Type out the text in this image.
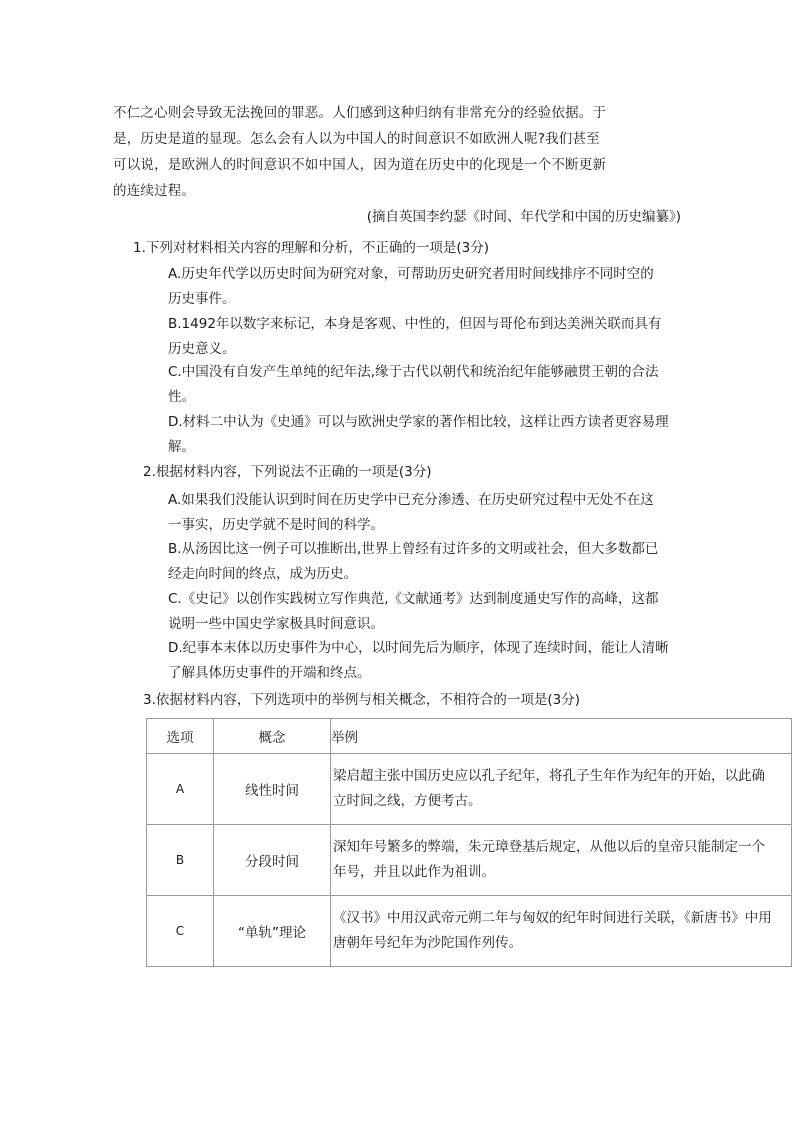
不仁之心则会导致无法挽回的罪恶。人们感到这种归纳有非常充分的经验依据。于
是，历史是道的显现。怎么会有人以为中国人的时间意识不如欧洲人呢?我们甚至
可以说，是欧洲人的时间意识不如中国人，因为道在历史中的化现是一个不断更新
的连续过程。
(摘自英国李约瑟《时间、年代学和中国的历史编纂》)
1.下列对材料相关内容的理解和分析，不正确的一项是(3分)
A.历史年代学以历史时间为研究对象，可帮助历史研究者用时间线排序不同时空的
历史事件。
B.1492年以数字来标记，本身是客观、中性的，但因与哥伦布到达美洲关联而具有
历史意义。
C.中国没有自发产生单纯的纪年法,缘于古代以朝代和统治纪年能够融贯王朝的合法
性。
D.材料二中认为《史通》可以与欧洲史学家的著作相比较，这样让西方读者更容易理
解。
2.根据材料内容，下列说法不正确的一项是(3分)
A.如果我们没能认识到时间在历史学中已充分渗透、在历史研究过程中无处不在这
一事实，历史学就不是时间的科学。
B.从汤因比这一例子可以推断出,世界上曾经有过许多的文明或社会，但大多数都已
经走向时间的终点，成为历史。
C.《史记》以创作实践树立写作典范,《文献通考》达到制度通史写作的高峰，这都
说明一些中国史学家极具时间意识。
D.纪事本末体以历史事件为中心，以时间先后为顺序，体现了连续时间，能让人清晰
了解具体历史事件的开端和终点。
3.依据材料内容，下列选项中的举例与相关概念，不相符合的一项是(3分)
选项	概念	举例
A	线性时间	梁启超主张中国历史应以孔子纪年，将孔子生年作为纪年的开始，以此确
立时间之线，方便考古。

B	分段时间	深知年号繁多的弊端，朱元璋登基后规定，从他以后的皇帝只能制定一个
年号，并且以此作为祖训。

C	“单轨”理论	《汉书》中用汉武帝元朔二年与匈奴的纪年时间进行关联，《新唐书》中用
唐朝年号纪年为沙陀国作列传。
